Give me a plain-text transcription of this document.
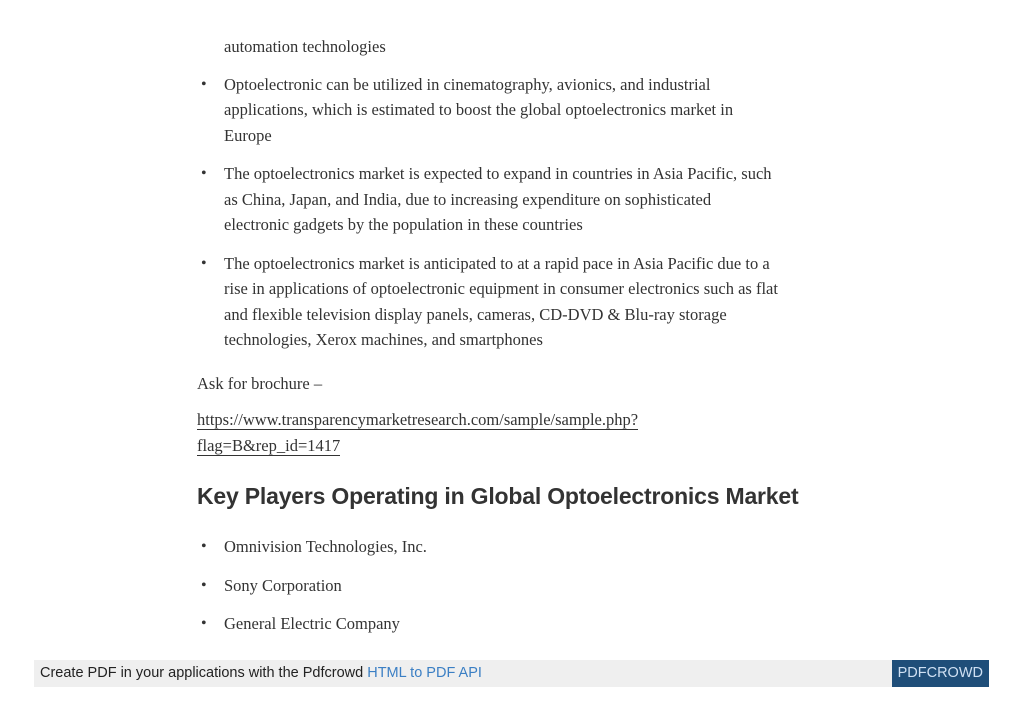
automation technologies
• Optoelectronic can be utilized in cinematography, avionics, and industrial
applications, which is estimated to boost the global optoelectronics market in
Europe
• The optoelectronics market is expected to expand in countries in Asia Pacific, such
as China, Japan, and India, due to increasing expenditure on sophisticated
electronic gadgets by the population in these countries
• The optoelectronics market is anticipated to at a rapid pace in Asia Pacific due to a
rise in applications of optoelectronic equipment in consumer electronics such as flat
and flexible television display panels, cameras, CD-DVD & Blu-ray storage
technologies, Xerox machines, and smartphones
Ask for brochure –
https://www.transparencymarketresearch.com/sample/sample.php?
flag=B&rep_id=1417
Key Players Operating in Global Optoelectronics Market
• Omnivision Technologies, Inc.
• Sony Corporation
• General Electric Company
Create PDF in your applications with the Pdfcrowd HTML to PDF API	PDFCROWD
